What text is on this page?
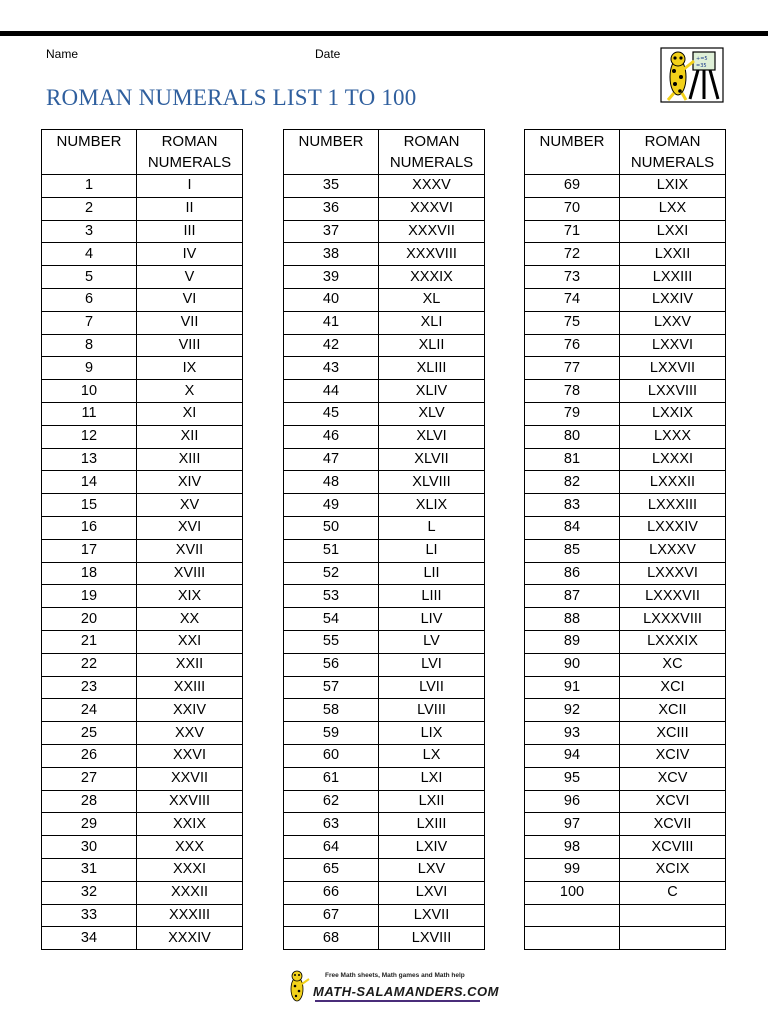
Name	Date	+=5
=35
ROMAN NUMERALS LIST 1 TO 100
NUMBER	ROMAN
NUMERALS
1	I
2	II
3	III
4	IV
5	V
6	VI
7	VII
8	VIII
9	IX
10	X
11	XI
12	XII
13	XIII
14	XIV
15	XV
16	XVI
17	XVII
18	XVIII
19	XIX
20	XX
21	XXI
22	XXII
23	XXIII
24	XXIV
25	XXV
26	XXVI
27	XXVII
28	XXVIII
29	XXIX
30	XXX
31	XXXI
32	XXXII
33	XXXIII
34	XXXIV
NUMBER	ROMAN
NUMERALS
35	XXXV
36	XXXVI
37	XXXVII
38	XXXVIII
39	XXXIX
40	XL
41	XLI
42	XLII
43	XLIII
44	XLIV
45	XLV
46	XLVI
47	XLVII
48	XLVIII
49	XLIX
50	L
51	LI
52	LII
53	LIII
54	LIV
55	LV
56	LVI
57	LVII
58	LVIII
59	LIX
60	LX
61	LXI
62	LXII
63	LXIII
64	LXIV
65	LXV
66	LXVI
67	LXVII
68	LXVIII
NUMBER	ROMAN
NUMERALS
69	LXIX
70	LXX
71	LXXI
72	LXXII
73	LXXIII
74	LXXIV
75	LXXV
76	LXXVI
77	LXXVII
78	LXXVIII
79	LXXIX
80	LXXX
81	LXXXI
82	LXXXII
83	LXXXIII
84	LXXXIV
85	LXXXV
86	LXXXVI
87	LXXXVII
88	LXXXVIII
89	LXXXIX
90	XC
91	XCI
92	XCII
93	XCIII
94	XCIV
95	XCV
96	XCVI
97	XCVII
98	XCVIII
99	XCIX
100	C

Free Math sheets, Math games and Math help
MATH-SALAMANDERS.COM
